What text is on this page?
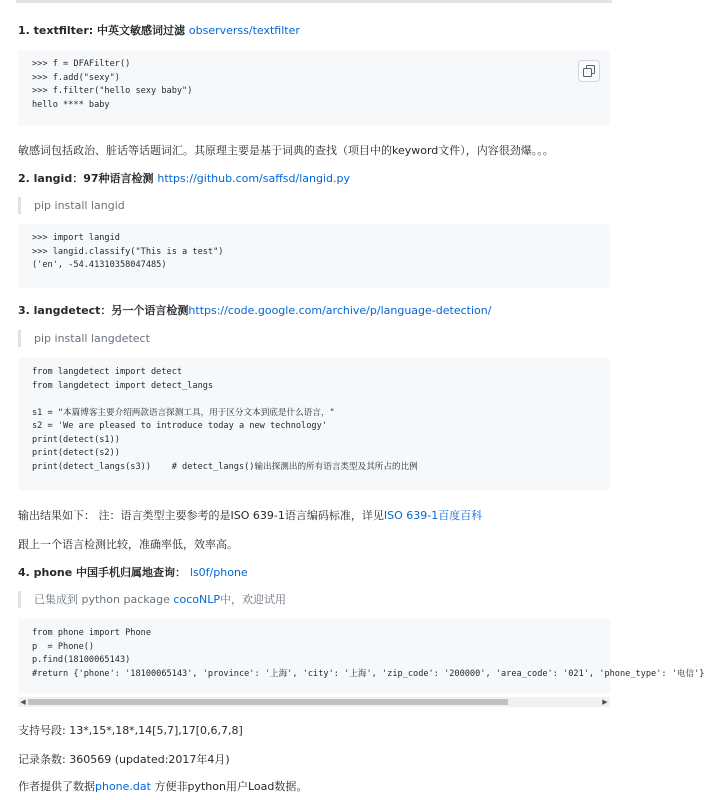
1. textfilter: 中英文敏感词过滤 observerss/textfilter
>>> f = DFAFilter()
>>> f.add("sexy")
>>> f.filter("hello sexy baby")
hello **** baby
敏感词包括政治、脏话等话题词汇。其原理主要是基于词典的查找（项目中的keyword文件），内容很劲爆。。。
2. langid：97种语言检测 https://github.com/saffsd/langid.py
pip install langid
>>> import langid
>>> langid.classify("This is a test")
('en', -54.41310358047485)
3. langdetect：另一个语言检测https://code.google.com/archive/p/language-detection/
pip install langdetect
from langdetect import detect
from langdetect import detect_langs
s1 = "本篇博客主要介绍两款语言探测工具，用于区分文本到底是什么语言，"
s2 = 'We are pleased to introduce today a new technology'
print(detect(s1))
print(detect(s2))
print(detect_langs(s3))    # detect_langs()输出探测出的所有语言类型及其所占的比例
输出结果如下： 注：语言类型主要参考的是ISO 639-1语言编码标准，详见ISO 639-1百度百科
跟上一个语言检测比较，准确率低，效率高。
4. phone 中国手机归属地查询： ls0f/phone
已集成到 python package cocoNLP中，欢迎试用
from phone import Phone
p  = Phone()
p.find(18100065143)
#return {'phone': '18100065143', 'province': '上海', 'city': '上海', 'zip_code': '200000', 'area_code': '021', 'phone_type': '电信'}
◀	▶
支持号段: 13*,15*,18*,14[5,7],17[0,6,7,8]
记录条数: 360569 (updated:2017年4月)
作者提供了数据phone.dat 方便非python用户Load数据。
